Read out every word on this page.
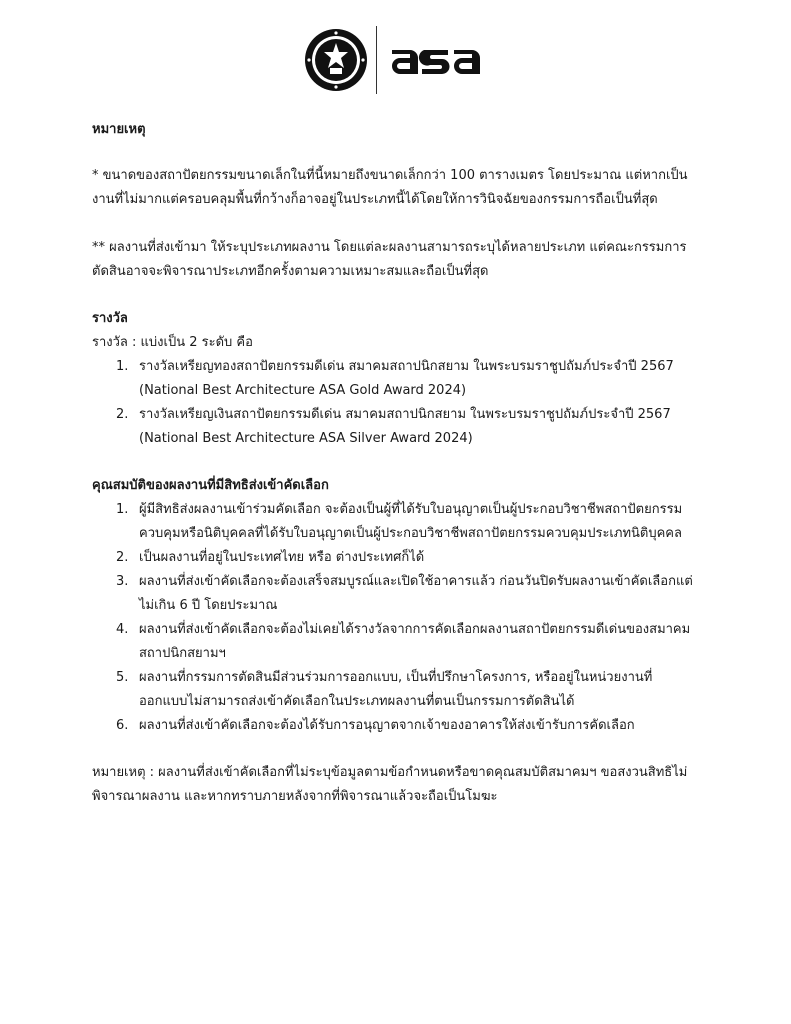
หมายเหตุ

* ขนาดของสถาปัตยกรรมขนาดเล็กในที่นี้หมายถึงขนาดเล็กกว่า 100 ตารางเมตร โดยประมาณ แต่หากเป็นงานที่ไม่มากแต่ครอบคลุมพื้นที่กว้างก็อาจอยู่ในประเภทนี้ได้โดยให้การวินิจฉัยของกรรมการถือเป็นที่สุด

** ผลงานที่ส่งเข้ามา ให้ระบุประเภทผลงาน โดยแต่ละผลงานสามารถระบุได้หลายประเภท แต่คณะกรรมการตัดสินอาจจะพิจารณาประเภทอีกครั้งตามความเหมาะสมและถือเป็นที่สุด

รางวัล

รางวัล : แบ่งเป็น 2 ระดับ คือ

1. รางวัลเหรียญทองสถาปัตยกรรมดีเด่น สมาคมสถาปนิกสยาม ในพระบรมราชูปถัมภ์ประจำปี 2567
(National Best Architecture ASA Gold Award 2024)
2. รางวัลเหรียญเงินสถาปัตยกรรมดีเด่น สมาคมสถาปนิกสยาม ในพระบรมราชูปถัมภ์ประจำปี 2567
(National Best Architecture ASA Silver Award 2024)

คุณสมบัติของผลงานที่มีสิทธิส่งเข้าคัดเลือก

1. ผู้มีสิทธิส่งผลงานเข้าร่วมคัดเลือก จะต้องเป็นผู้ที่ได้รับใบอนุญาตเป็นผู้ประกอบวิชาชีพสถาปัตยกรรมควบคุมหรือนิติบุคคลที่ได้รับใบอนุญาตเป็นผู้ประกอบวิชาชีพสถาปัตยกรรมควบคุมประเภทนิติบุคคล
2. เป็นผลงานที่อยู่ในประเทศไทย หรือ ต่างประเทศก็ได้
3. ผลงานที่ส่งเข้าคัดเลือกจะต้องเสร็จสมบูรณ์และเปิดใช้อาคารแล้ว ก่อนวันปิดรับผลงานเข้าคัดเลือกแต่ไม่เกิน 6 ปี โดยประมาณ
4. ผลงานที่ส่งเข้าคัดเลือกจะต้องไม่เคยได้รางวัลจากการคัดเลือกผลงานสถาปัตยกรรมดีเด่นของสมาคมสถาปนิกสยามฯ
5. ผลงานที่กรรมการตัดสินมีส่วนร่วมการออกแบบ, เป็นที่ปรึกษาโครงการ, หรืออยู่ในหน่วยงานที่ออกแบบไม่สามารถส่งเข้าคัดเลือกในประเภทผลงานที่ตนเป็นกรรมการตัดสินได้
6. ผลงานที่ส่งเข้าคัดเลือกจะต้องได้รับการอนุญาตจากเจ้าของอาคารให้ส่งเข้ารับการคัดเลือก

หมายเหตุ : ผลงานที่ส่งเข้าคัดเลือกที่ไม่ระบุข้อมูลตามข้อกำหนดหรือขาดคุณสมบัติสมาคมฯ ขอสงวนสิทธิไม่พิจารณาผลงาน และหากทราบภายหลังจากที่พิจารณาแล้วจะถือเป็นโมฆะ
